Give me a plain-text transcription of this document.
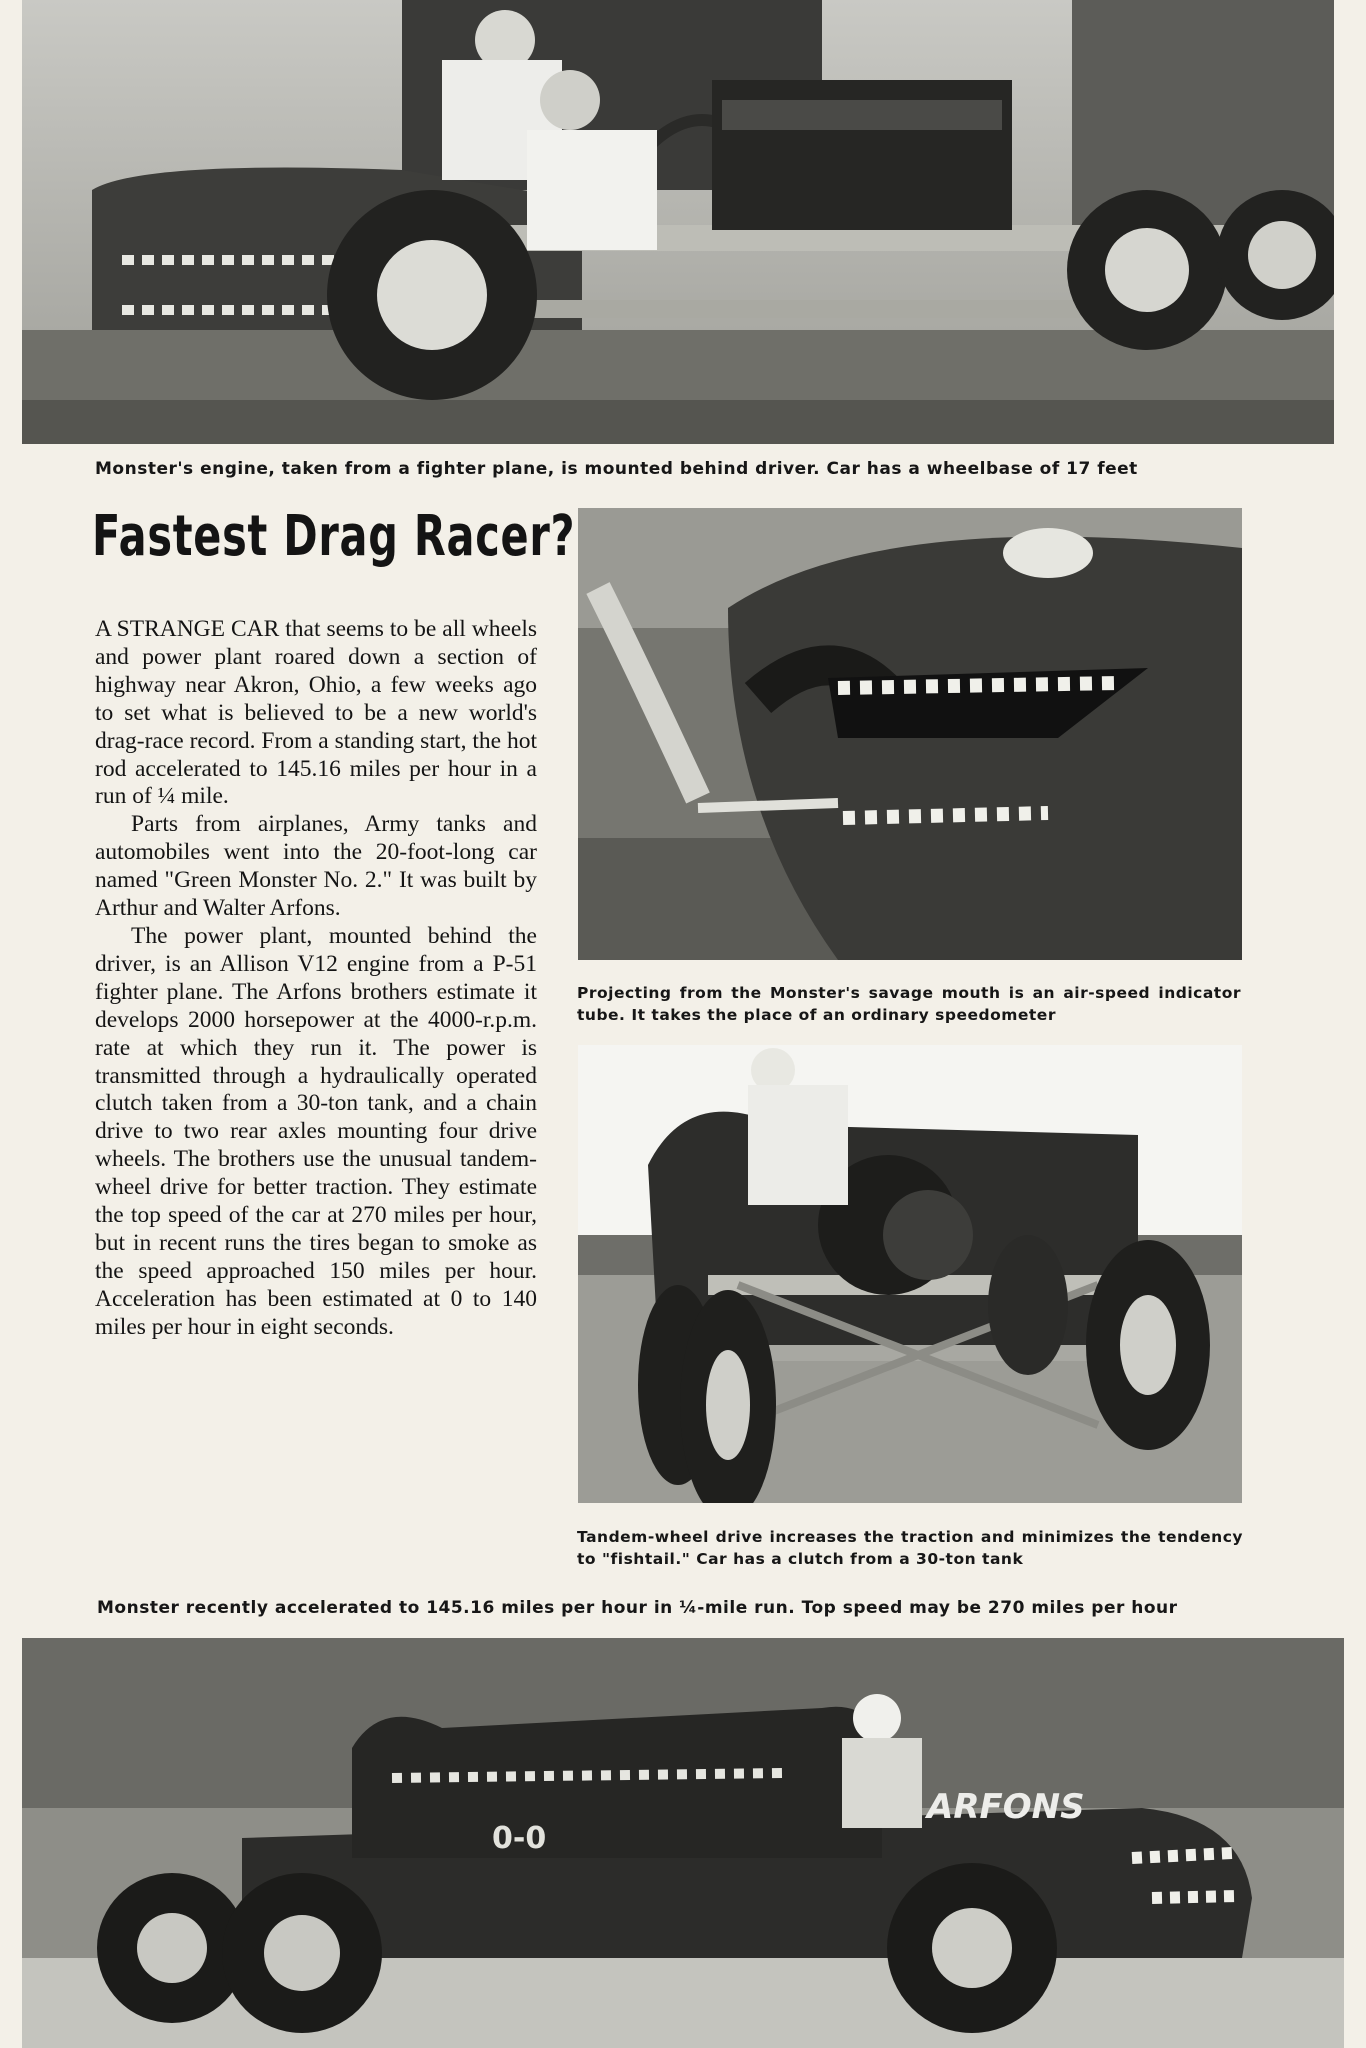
Monster's engine, taken from a fighter plane, is mounted behind driver. Car has a wheelbase of 17 feet
Fastest Drag Racer?

A STRANGE CAR that seems to be all wheels and power plant roared down a section of highway near Akron, Ohio, a few weeks ago to set what is believed to be a new world's drag-race record. From a standing start, the hot rod accelerated to 145.16 miles per hour in a run of ¼ mile.

Parts from airplanes, Army tanks and automobiles went into the 20-foot-long car named "Green Monster No. 2." It was built by Arthur and Walter Arfons.

The power plant, mounted behind the driver, is an Allison V12 engine from a P-51 fighter plane. The Arfons brothers estimate it develops 2000 horsepower at the 4000-r.p.m. rate at which they run it. The power is transmitted through a hydraulically operated clutch taken from a 30-ton tank, and a chain drive to two rear axles mounting four drive wheels. The brothers use the unusual tandem-wheel drive for better traction. They estimate the top speed of the car at 270 miles per hour, but in recent runs the tires began to smoke as the speed approached 150 miles per hour. Acceleration has been estimated at 0 to 140 miles per hour in eight seconds.

Projecting from the Monster's savage mouth is an air-speed indicator tube. It takes the place of an ordinary speedometer
Tandem-wheel drive increases the traction and minimizes the tendency to "fishtail." Car has a clutch from a 30-ton tank
Monster recently accelerated to 145.16 miles per hour in ¼-mile run. Top speed may be 270 miles per hour
ARFONS
0-0
